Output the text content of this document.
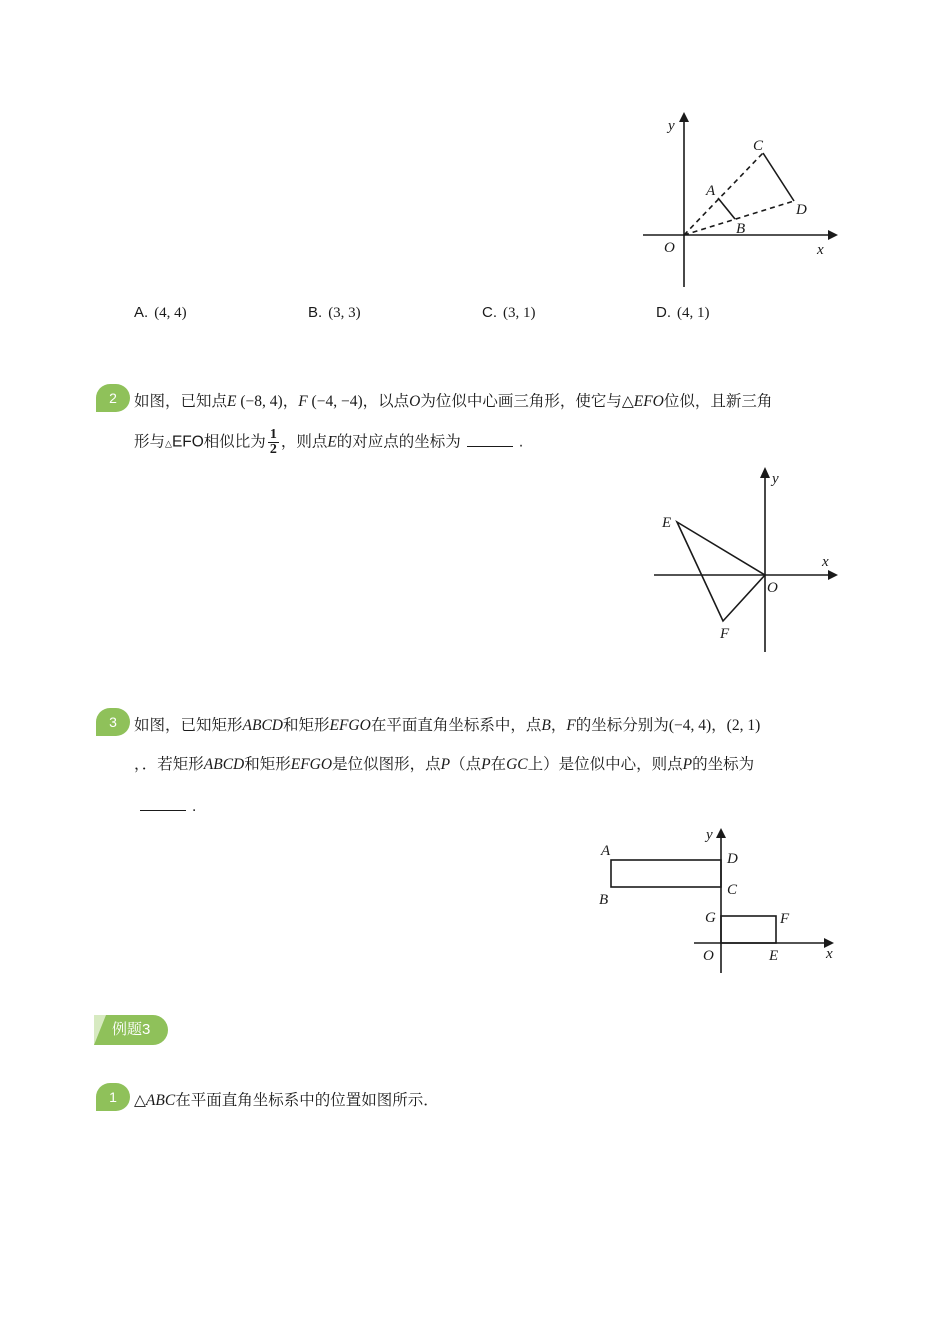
y
x
O
A
B
C
D
A. (4, 4)	B. (3, 3)	C. (3, 1)	D. (4, 1)
2	如图，已知点E (−8, 4)，F (−4, −4)，以点O为位似中心画三角形，使它与△EFO位似，且新三角
形与△EFO相似比为 $\frac{1}{2}$ ，则点E的对应点的坐标为	.
y
x
O
E
F
3	如图，已知矩形ABCD和矩形EFGO在平面直角坐标系中，点B，F的坐标分别为(−4, 4)，(2, 1)
，．若矩形ABCD和矩形EFGO是位似图形，点P（点P在GC上）是位似中心，则点P的坐标为
.
y
x
A
B
D
C
G	F
O	E
例题3
1	△ABC在平面直角坐标系中的位置如图所示．
